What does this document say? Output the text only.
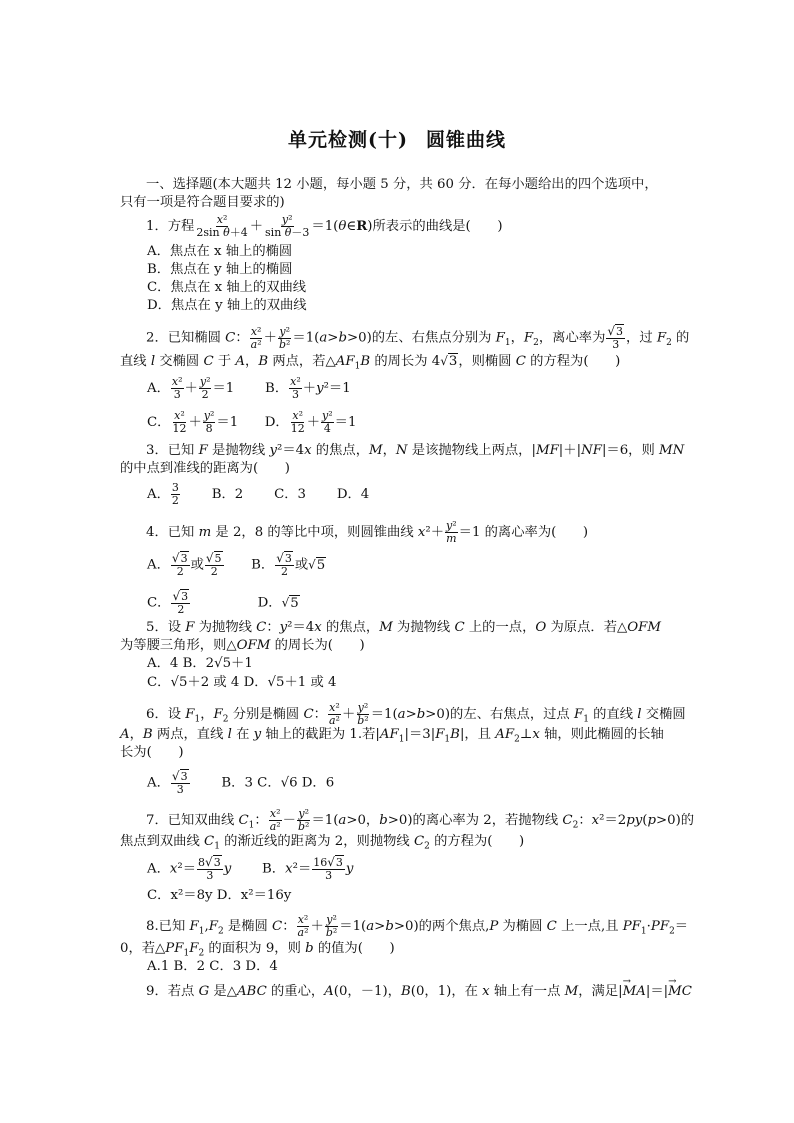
单元检测(十) 圆锥曲线
一、选择题(本大题共 12 小题，每小题 5 分，共 60 分．在每小题给出的四个选项中，
只有一项是符合题目要求的)
1．方程 $\frac{\text{x²}}{\text{2sin θ＋4}} + \frac{\text{y²}}{\text{sin θ－3}}$ ＝1(θ∈R)所表示的曲线是(　　)
A．焦点在 x 轴上的椭圆
B．焦点在 y 轴上的椭圆
C．焦点在 x 轴上的双曲线
D．焦点在 y 轴上的双曲线
2．已知椭圆 C： $\frac{\text{x²}}{\text{a²}} + \frac{\text{y²}}{\text{b²}} =1(a>b>0)$的左、右焦点分别为 $F_1$，$F_2$，离心率为 $\frac{√3}{3}$ ，过 $F_2$ 的
直线 l 交椭圆 C 于 A，B 两点，若$\triangle AF_1B$ 的周长为 4√3，则椭圆 C 的方程为(　　)
A． $\frac{\text{x²}}{3} + \frac{\text{y²}}{2} =1$　　 B． $\frac{\text{x²}}{3} +y^2=1$
C． $\frac{\text{x²}}{12} + \frac{\text{y²}}{8} =1$　　D． $\frac{\text{x²}}{12} + \frac{\text{y²}}{4} =1$
3．已知 F 是抛物线 y²＝4x 的焦点，M，N 是该抛物线上两点，|MF|＋|NF|＝6，则 MN
的中点到准线的距离为(　　)
A． $\frac{3}{2}$ 　　 B．2　　 C．3　　 D．4
4．已知 m 是 2，8 的等比中项，则圆锥曲线 $x^2+ \frac{\text{y²}}{m} =1$ 的离心率为(　　)
A． $\frac{√3}{2}$ 或 $\frac{√5}{2}$ 　　B． $\frac{√3}{2}$ 或√5
C． $\frac{√3}{2}$ 　　　　　D．√5
5．设 F 为抛物线 C：y²＝4x 的焦点，M 为抛物线 C 上的一点，O 为原点．若△OFM
为等腰三角形，则△OFM 的周长为(　　)
A．4 B．2√5＋1
C．√5＋2 或 4 D．√5＋1 或 4
6．设 $F_1$，$F_2$ 分别是椭圆 C： $\frac{\text{x²}}{\text{a²}} + \frac{\text{y²}}{\text{b²}} =1(a>b>0)$的左、右焦点，过点 $F_1$ 的直线 l 交椭圆
A，B 两点，直线 l 在 y 轴上的截距为 1.若$|AF_1|=3|F_1B|$，且 $AF_2\perp x$ 轴，则此椭圆的长轴
长为(　　)
A． $\frac{√3}{3}$
　　 B．3 C．√6 D．6
7．已知双曲线 $C_1$： $\frac{\text{x²}}{\text{a²}} - \frac{\text{y²}}{\text{b²}} =1(a>0$，b>0)的离心率为 2，若抛物线 $C_2$：x²＝2py(p>0)的
焦点到双曲线 $C_1$ 的渐近线的距离为 2，则抛物线 $C_2$ 的方程为(　　)
A．$x^2= \frac{8√3}{3}$ y　　 B．$x^2= \frac{16√3}{3}$ y
C．x²＝8y D．x²＝16y
8.已知 $F_1,F_2$ 是椭圆 C： $\frac{\text{x²}}{\text{a²}} + \frac{\text{y²}}{\text{b²}} =1(a>b>0)$的两个焦点,P 为椭圆 C 上一点,且 $PF_1\cdot PF_2=$
0，若$\triangle PF_1F_2$ 的面积为 9，则 b 的值为(　　)
A.1 B．2 C．3 D．4
9．若点 G 是△ABC 的重心，A(0，－1)，B(0，1)，在 x 轴上有一点 M，满足|MA →|＝|MC →
